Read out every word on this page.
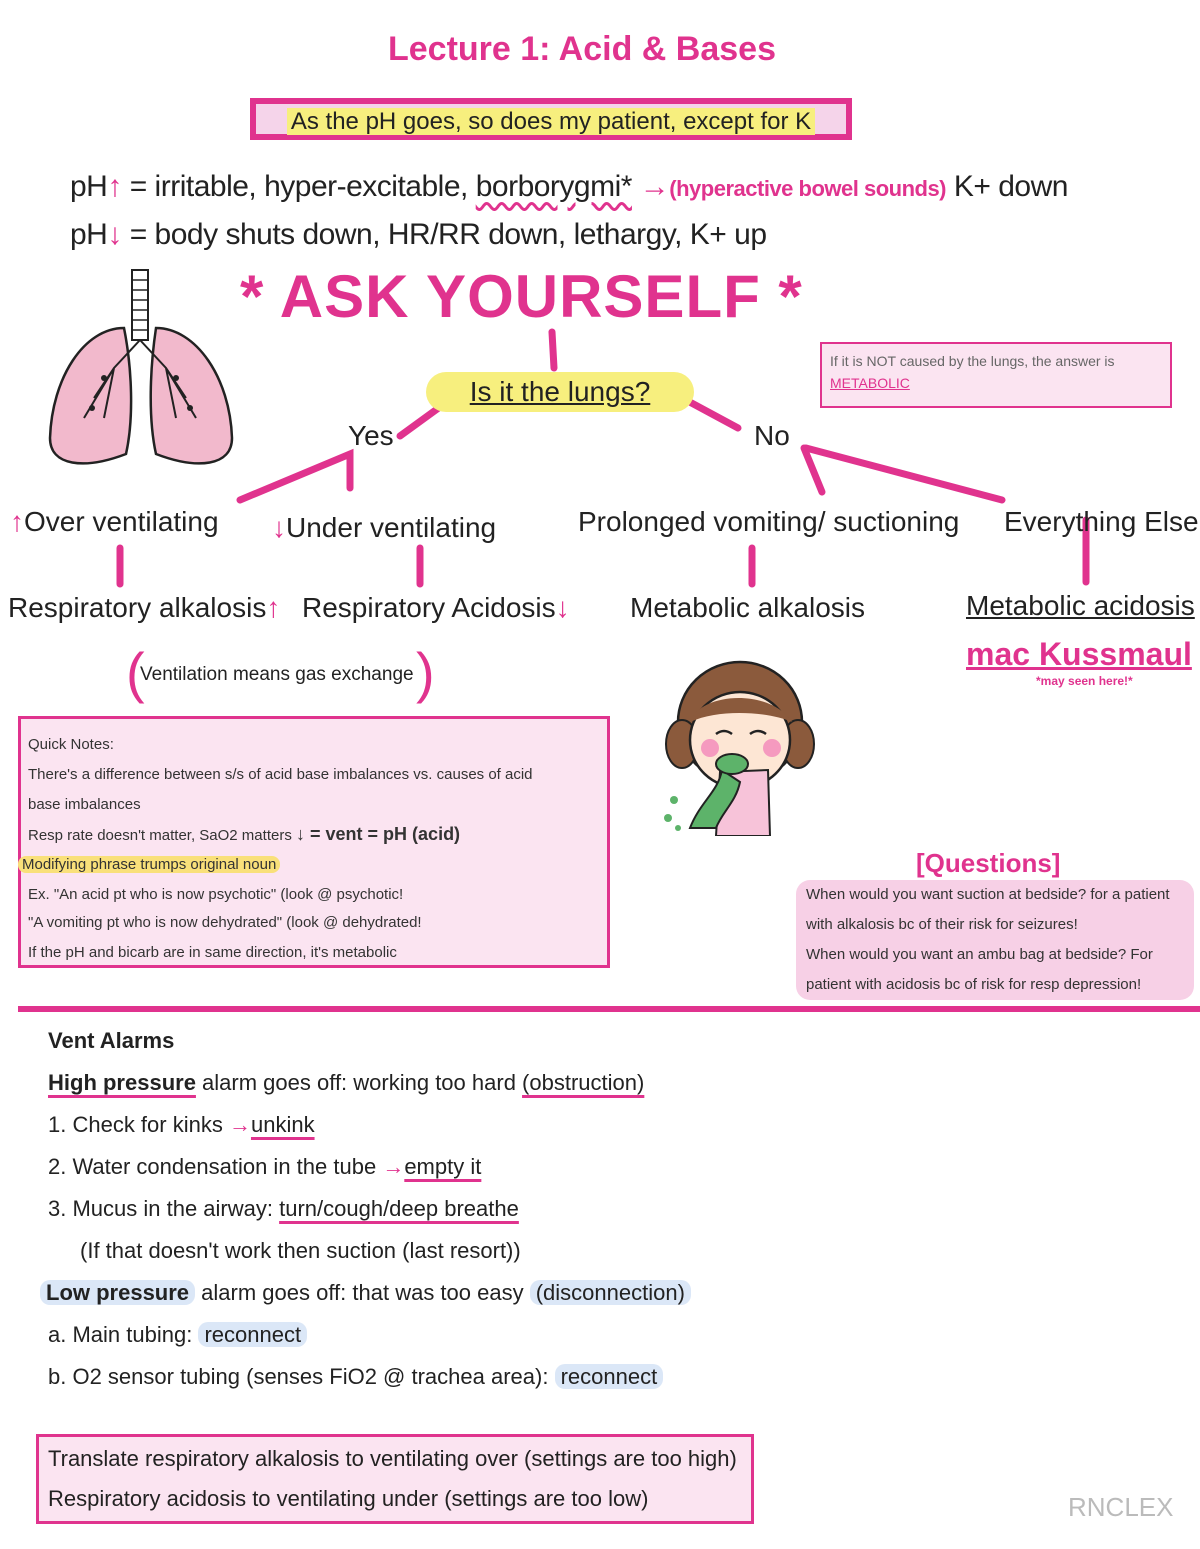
Lecture 1: Acid & Bases
As the pH goes, so does my patient, except for K
pH↑ = irritable, hyper-excitable, borborygmi* →(hyperactive bowel sounds) K+ down
pH↓ = body shuts down, HR/RR down, lethargy, K+ up
* ASK YOURSELF *
Is it the lungs?
If it is NOT caused by the lungs, the answer is
METABOLIC
Yes	No
↑Over ventilating ↓Under ventilating	Prolonged vomiting/ suctioning Everything Else
Respiratory alkalosis↑ Respiratory Acidosis↓ Metabolic alkalosis	Metabolic acidosis
mac Kussmaul
*may seen here!*
(
Ventilation means gas exchange )
Quick Notes:
There's a difference between s/s of acid base imbalances vs. causes of acid
base imbalances
Resp rate doesn't matter, SaO2 matters ↓ = vent = pH (acid)
Modifying phrase trumps original noun
Ex. "An acid pt who is now psychotic" (look @ psychotic!
"A vomiting pt who is now dehydrated" (look @ dehydrated!
If the pH and bicarb are in same direction, it's metabolic
[Questions]
When would you want suction at bedside? for a patient
with alkalosis bc of their risk for seizures!
When would you want an ambu bag at bedside? For
patient with acidosis bc of risk for resp depression!
Vent Alarms
High pressure alarm goes off: working too hard (obstruction)
1. Check for kinks →unkink
2. Water condensation in the tube →empty it
3. Mucus in the airway: turn/cough/deep breathe
(If that doesn't work then suction (last resort))
Low pressure alarm goes off: that was too easy (disconnection)
a. Main tubing: reconnect
b. O2 sensor tubing (senses FiO2 @ trachea area): reconnect
Translate respiratory alkalosis to ventilating over (settings are too high)
Respiratory acidosis to ventilating under (settings are too low)	RNCLEX
